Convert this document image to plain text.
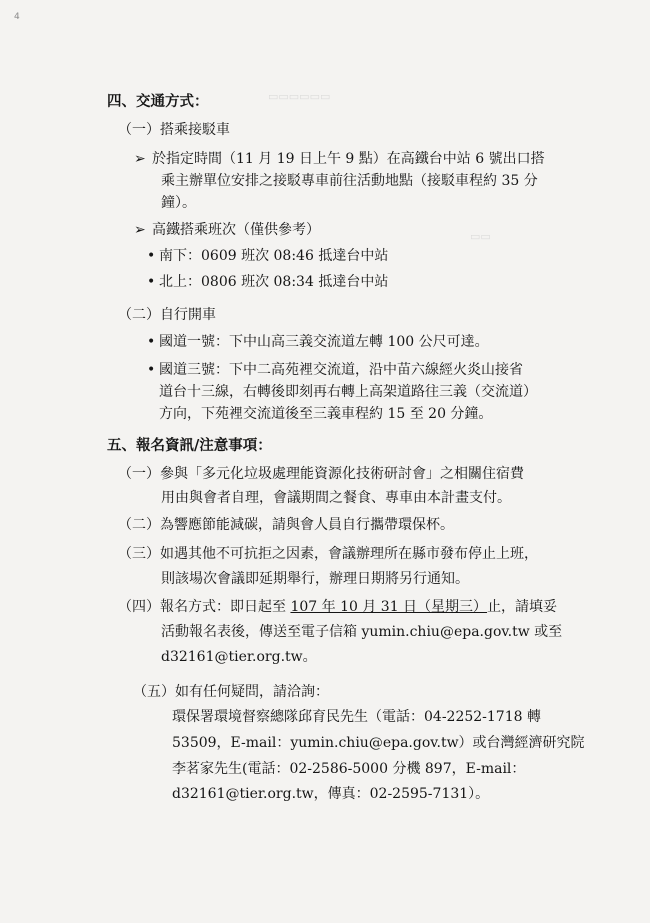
4
▭▭▭▭▭▭
▭▭
四、交通方式：
（一）搭乘接駁車
➢ 於指定時間（11 月 19 日上午 9 點）在高鐵台中站 6 號出口搭
乘主辦單位安排之接駁專車前往活動地點（接駁車程約 35 分
鐘）。
➢ 高鐵搭乘班次（僅供參考）
• 南下：0609 班次 08:46 抵達台中站
• 北上：0806 班次 08:34 抵達台中站
（二）自行開車
• 國道一號：下中山高三義交流道左轉 100 公尺可達。
• 國道三號：下中二高苑裡交流道，沿中苗六線經火炎山接省
道台十三線，右轉後即刻再右轉上高架道路往三義（交流道）
方向，下苑裡交流道後至三義車程約 15 至 20 分鐘。
五、報名資訊/注意事項：
（一）參與「多元化垃圾處理能資源化技術研討會」之相關住宿費
用由與會者自理，會議期間之餐食、專車由本計畫支付。
（二）為響應節能減碳，請與會人員自行攜帶環保杯。
（三）如遇其他不可抗拒之因素，會議辦理所在縣市發布停止上班，
則該場次會議即延期舉行，辦理日期將另行通知。
（四）報名方式：即日起至 107 年 10 月 31 日（星期三）止，請填妥
活動報名表後，傳送至電子信箱 yumin.chiu@epa.gov.tw 或至
d32161@tier.org.tw。
（五）如有任何疑問，請洽詢：
環保署環境督察總隊邱育民先生（電話：04-2252-1718 轉
53509，E-mail：yumin.chiu@epa.gov.tw）或台灣經濟研究院
李茗家先生(電話：02-2586-5000 分機 897，E-mail：
d32161@tier.org.tw，傳真：02-2595-7131）。
